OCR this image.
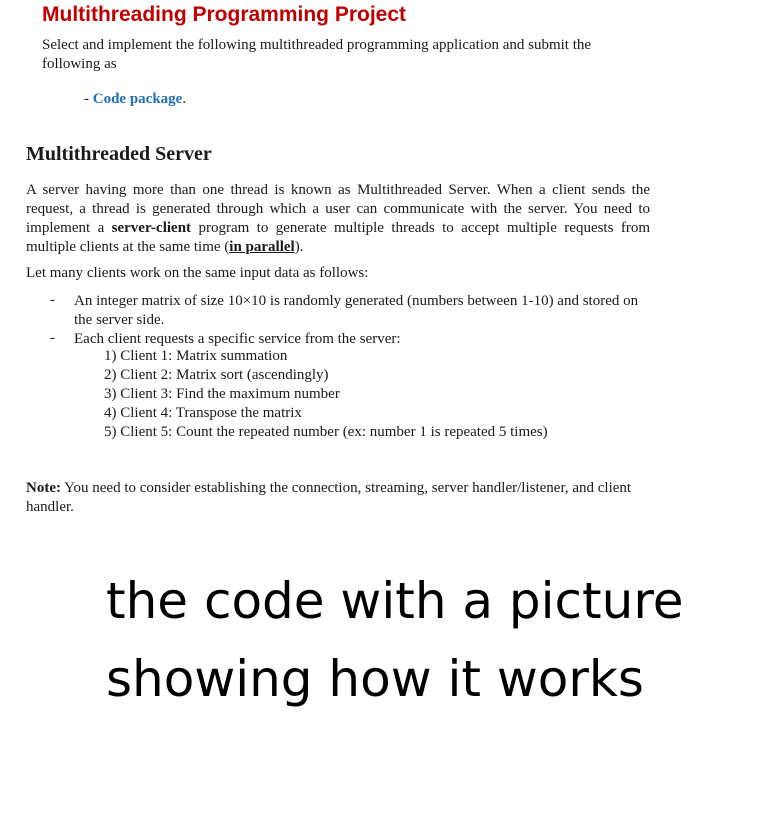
Multithreading Programming Project
Select and implement the following multithreaded programming application and submit the
following as
- Code package.
Multithreaded Server
A server having more than one thread is known as Multithreaded Server. When a client sends the
request, a thread is generated through which a user can communicate with the server. You need to
implement a server-client program to generate multiple threads to accept multiple requests from
multiple clients at the same time (in parallel).
Let many clients work on the same input data as follows:
- An integer matrix of size 10×10 is randomly generated (numbers between 1-10) and stored on
the server side.
- Each client requests a specific service from the server:
1) Client 1: Matrix summation
2) Client 2: Matrix sort (ascendingly)
3) Client 3: Find the maximum number
4) Client 4: Transpose the matrix
5) Client 5: Count the repeated number (ex: number 1 is repeated 5 times)
Note: You need to consider establishing the connection, streaming, server handler/listener, and client handler.
the code with a picture
showing how it works
